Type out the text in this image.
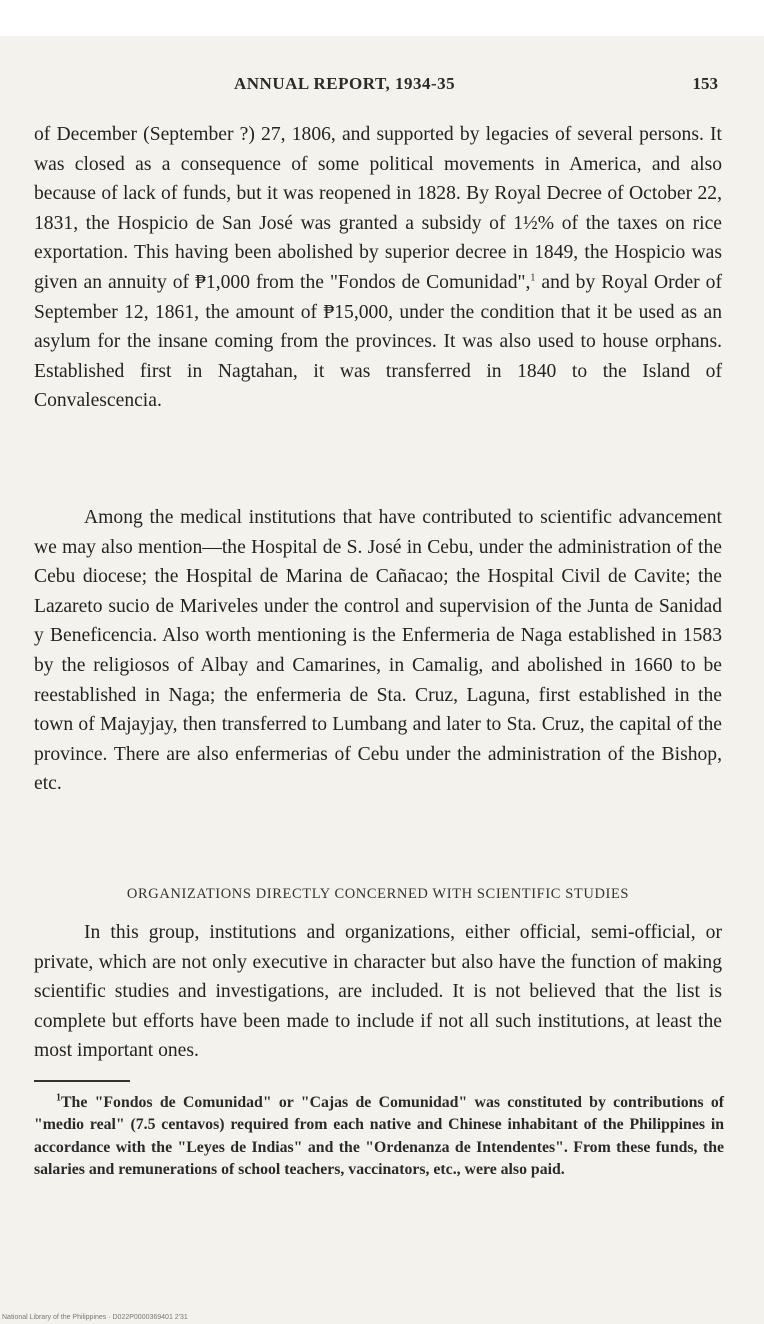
ANNUAL REPORT, 1934-35	153
of December (September ?) 27, 1806, and supported by legacies of several persons. It was closed as a consequence of some political movements in America, and also because of lack of funds, but it was reopened in 1828. By Royal Decree of October 22, 1831, the Hospicio de San José was granted a subsidy of 1½% of the taxes on rice exportation. This having been abolished by superior decree in 1849, the Hospicio was given an annuity of ₱1,000 from the "Fondos de Comunidad",$^1$ and by Royal Order of September 12, 1861, the amount of ₱15,000, under the condition that it be used as an asylum for the insane coming from the provinces. It was also used to house orphans. Established first in Nagtahan, it was transferred in 1840 to the Island of Convalescencia.
Among the medical institutions that have contributed to scientific advancement we may also mention—the Hospital de S. José in Cebu, under the administration of the Cebu diocese; the Hospital de Marina de Cañacao; the Hospital Civil de Cavite; the Lazareto sucio de Mariveles under the control and supervision of the Junta de Sanidad y Beneficencia. Also worth mentioning is the Enfermeria de Naga established in 1583 by the religiosos of Albay and Camarines, in Camalig, and abolished in 1660 to be reestablished in Naga; the enfermeria de Sta. Cruz, Laguna, first established in the town of Majayjay, then transferred to Lumbang and later to Sta. Cruz, the capital of the province. There are also enfermerias of Cebu under the administration of the Bishop, etc.
ORGANIZATIONS DIRECTLY CONCERNED WITH SCIENTIFIC STUDIES
In this group, institutions and organizations, either official, semi-official, or private, which are not only executive in character but also have the function of making scientific studies and investigations, are included. It is not believed that the list is complete but efforts have been made to include if not all such institutions, at least the most important ones.
$^1$The "Fondos de Comunidad" or "Cajas de Comunidad" was constituted by contributions of "medio real" (7.5 centavos) required from each native and Chinese inhabitant of the Philippines in accordance with the "Leyes de Indias" and the "Ordenanza de Intendentes". From these funds, the salaries and remunerations of school teachers, vaccinators, etc., were also paid.
National Library of the Philippines · D022P0000369401 2'31
